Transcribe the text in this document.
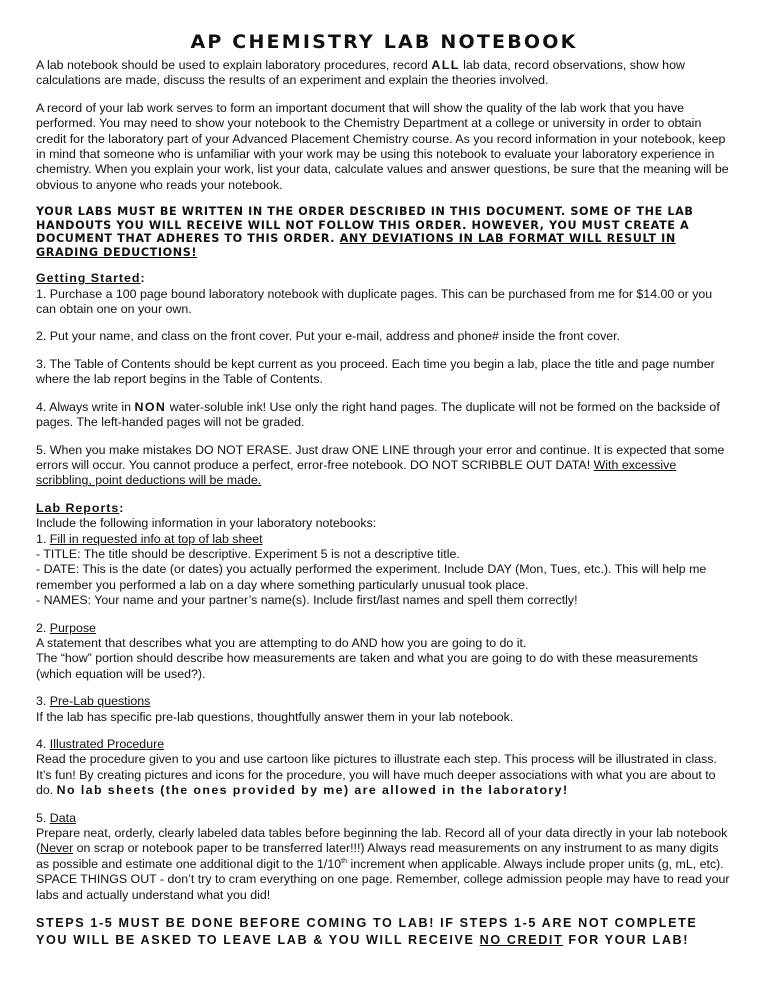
AP CHEMISTRY LAB NOTEBOOK

A lab notebook should be used to explain laboratory procedures, record ALL lab data, record observations, show how calculations are made, discuss the results of an experiment and explain the theories involved.

A record of your lab work serves to form an important document that will show the quality of the lab work that you have performed. You may need to show your notebook to the Chemistry Department at a college or university in order to obtain credit for the laboratory part of your Advanced Placement Chemistry course. As you record information in your notebook, keep in mind that someone who is unfamiliar with your work may be using this notebook to evaluate your laboratory experience in chemistry. When you explain your work, list your data, calculate values and answer questions, be sure that the meaning will be obvious to anyone who reads your notebook.

YOUR LABS MUST BE WRITTEN IN THE ORDER DESCRIBED IN THIS DOCUMENT. SOME OF THE LAB HANDOUTS YOU WILL RECEIVE WILL NOT FOLLOW THIS ORDER. HOWEVER, YOU MUST CREATE A DOCUMENT THAT ADHERES TO THIS ORDER. ANY DEVIATIONS IN LAB FORMAT WILL RESULT IN GRADING DEDUCTIONS!

Getting Started:

1. Purchase a 100 page bound laboratory notebook with duplicate pages. This can be purchased from me for $14.00 or you can obtain one on your own.

2. Put your name, and class on the front cover. Put your e-mail, address and phone# inside the front cover.

3. The Table of Contents should be kept current as you proceed. Each time you begin a lab, place the title and page number where the lab report begins in the Table of Contents.

4. Always write in NON water-soluble ink! Use only the right hand pages. The duplicate will not be formed on the backside of pages. The left-handed pages will not be graded.

5. When you make mistakes DO NOT ERASE. Just draw ONE LINE through your error and continue. It is expected that some errors will occur. You cannot produce a perfect, error-free notebook. DO NOT SCRIBBLE OUT DATA! With excessive scribbling, point deductions will be made.

Lab Reports:

Include the following information in your laboratory notebooks:

1. Fill in requested info at top of lab sheet

- TITLE: The title should be descriptive. Experiment 5 is not a descriptive title.

- DATE: This is the date (or dates) you actually performed the experiment. Include DAY (Mon, Tues, etc.). This will help me remember you performed a lab on a day where something particularly unusual took place.

- NAMES: Your name and your partner’s name(s). Include first/last names and spell them correctly!

2. Purpose

A statement that describes what you are attempting to do AND how you are going to do it.

The “how” portion should describe how measurements are taken and what you are going to do with these measurements (which equation will be used?).

3. Pre-Lab questions

If the lab has specific pre-lab questions, thoughtfully answer them in your lab notebook.

4. Illustrated Procedure

Read the procedure given to you and use cartoon like pictures to illustrate each step. This process will be illustrated in class. It’s fun! By creating pictures and icons for the procedure, you will have much deeper associations with what you are about to do. No lab sheets (the ones provided by me) are allowed in the laboratory!

5. Data

Prepare neat, orderly, clearly labeled data tables before beginning the lab. Record all of your data directly in your lab notebook (Never on scrap or notebook paper to be transferred later!!!) Always read measurements on any instrument to as many digits as possible and estimate one additional digit to the 1/10th increment when applicable. Always include proper units (g, mL, etc). SPACE THINGS OUT - don’t try to cram everything on one page. Remember, college admission people may have to read your labs and actually understand what you did!

STEPS 1-5 MUST BE DONE BEFORE COMING TO LAB! IF STEPS 1-5 ARE NOT COMPLETE YOU WILL BE ASKED TO LEAVE LAB & YOU WILL RECEIVE NO CREDIT FOR YOUR LAB!
